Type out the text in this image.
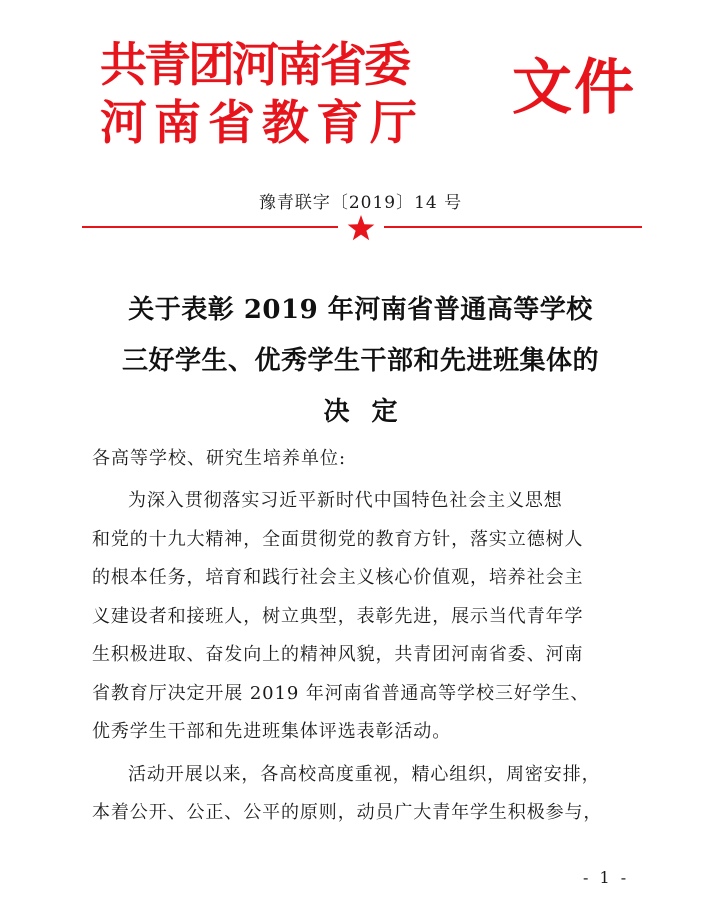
共青团河南省委
河南省教育厅
文件
豫青联字〔2019〕14 号
关于表彰 2019 年河南省普通高等学校
三好学生、优秀学生干部和先进班集体的
决定
各高等学校、研究生培养单位:
为深入贯彻落实习近平新时代中国特色社会主义思想
和党的十九大精神，全面贯彻党的教育方针，落实立德树人
的根本任务，培育和践行社会主义核心价值观，培养社会主
义建设者和接班人，树立典型，表彰先进，展示当代青年学
生积极进取、奋发向上的精神风貌，共青团河南省委、河南
省教育厅决定开展 2019 年河南省普通高等学校三好学生、
优秀学生干部和先进班集体评选表彰活动。
活动开展以来，各高校高度重视，精心组织，周密安排，
本着公开、公正、公平的原则，动员广大青年学生积极参与，
- 1 -
